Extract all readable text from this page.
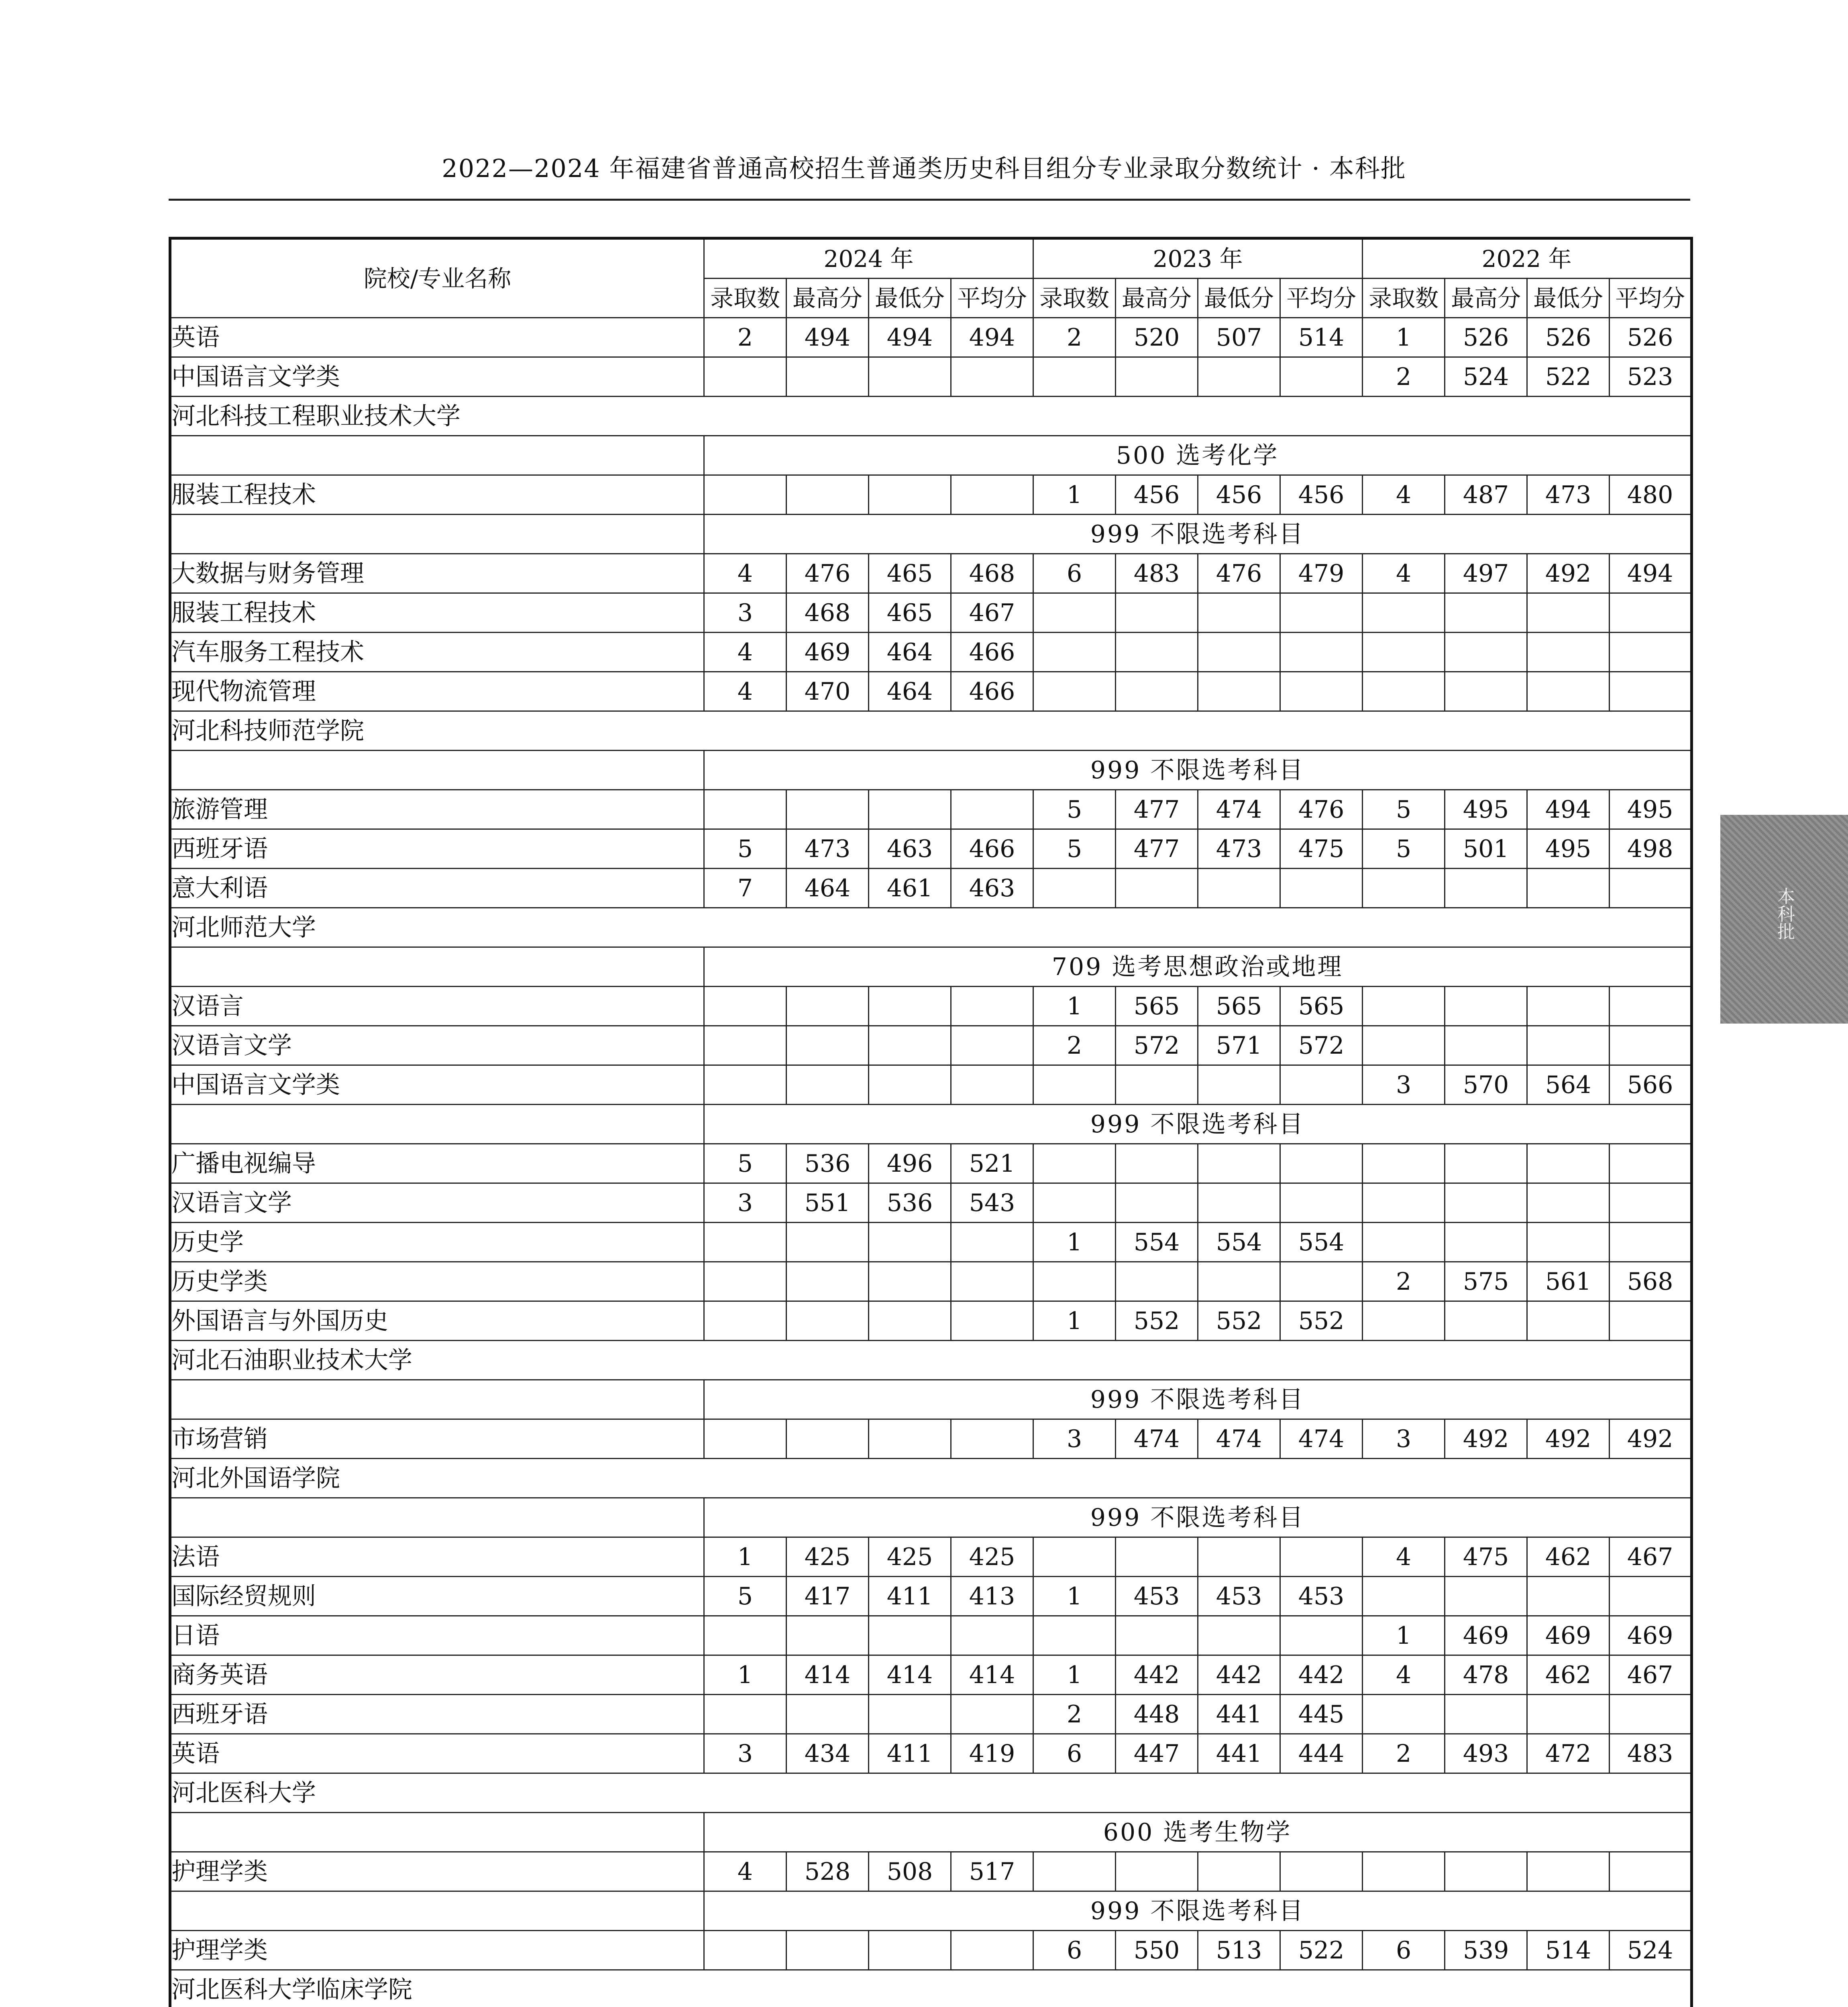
2022—2024 年福建省普通高校招生普通类历史科目组分专业录取分数统计 · 本科批
院校/专业名称	2024 年				2023 年				2022 年			
	录取数	最高分	最低分	平均分	录取数	最高分	最低分	平均分	录取数	最高分	最低分	平均分
英语	2	494	494	494	2	520	507	514	1	526	526	526
中国语言文学类									2	524	522	523
河北科技工程职业技术大学												
	500 选考化学											
服装工程技术					1	456	456	456	4	487	473	480
	999 不限选考科目											
大数据与财务管理	4	476	465	468	6	483	476	479	4	497	492	494
服装工程技术	3	468	465	467								
汽车服务工程技术	4	469	464	466								
现代物流管理	4	470	464	466								
河北科技师范学院												
	999 不限选考科目											
旅游管理					5	477	474	476	5	495	494	495
西班牙语	5	473	463	466	5	477	473	475	5	501	495	498
意大利语	7	464	461	463								
河北师范大学												
	709 选考思想政治或地理											
汉语言					1	565	565	565				
汉语言文学					2	572	571	572				
中国语言文学类									3	570	564	566
	999 不限选考科目											
广播电视编导	5	536	496	521								
汉语言文学	3	551	536	543								
历史学					1	554	554	554				
历史学类									2	575	561	568
外国语言与外国历史					1	552	552	552				
河北石油职业技术大学												
	999 不限选考科目											
市场营销					3	474	474	474	3	492	492	492
河北外国语学院												
	999 不限选考科目											
法语	1	425	425	425					4	475	462	467
国际经贸规则	5	417	411	413	1	453	453	453				
日语									1	469	469	469
商务英语	1	414	414	414	1	442	442	442	4	478	462	467
西班牙语					2	448	441	445				
英语	3	434	411	419	6	447	441	444	2	493	472	483
河北医科大学												
	600 选考生物学											
护理学类	4	528	508	517								
	999 不限选考科目											
护理学类					6	550	513	522	6	539	514	524
河北医科大学临床学院												

本科批
